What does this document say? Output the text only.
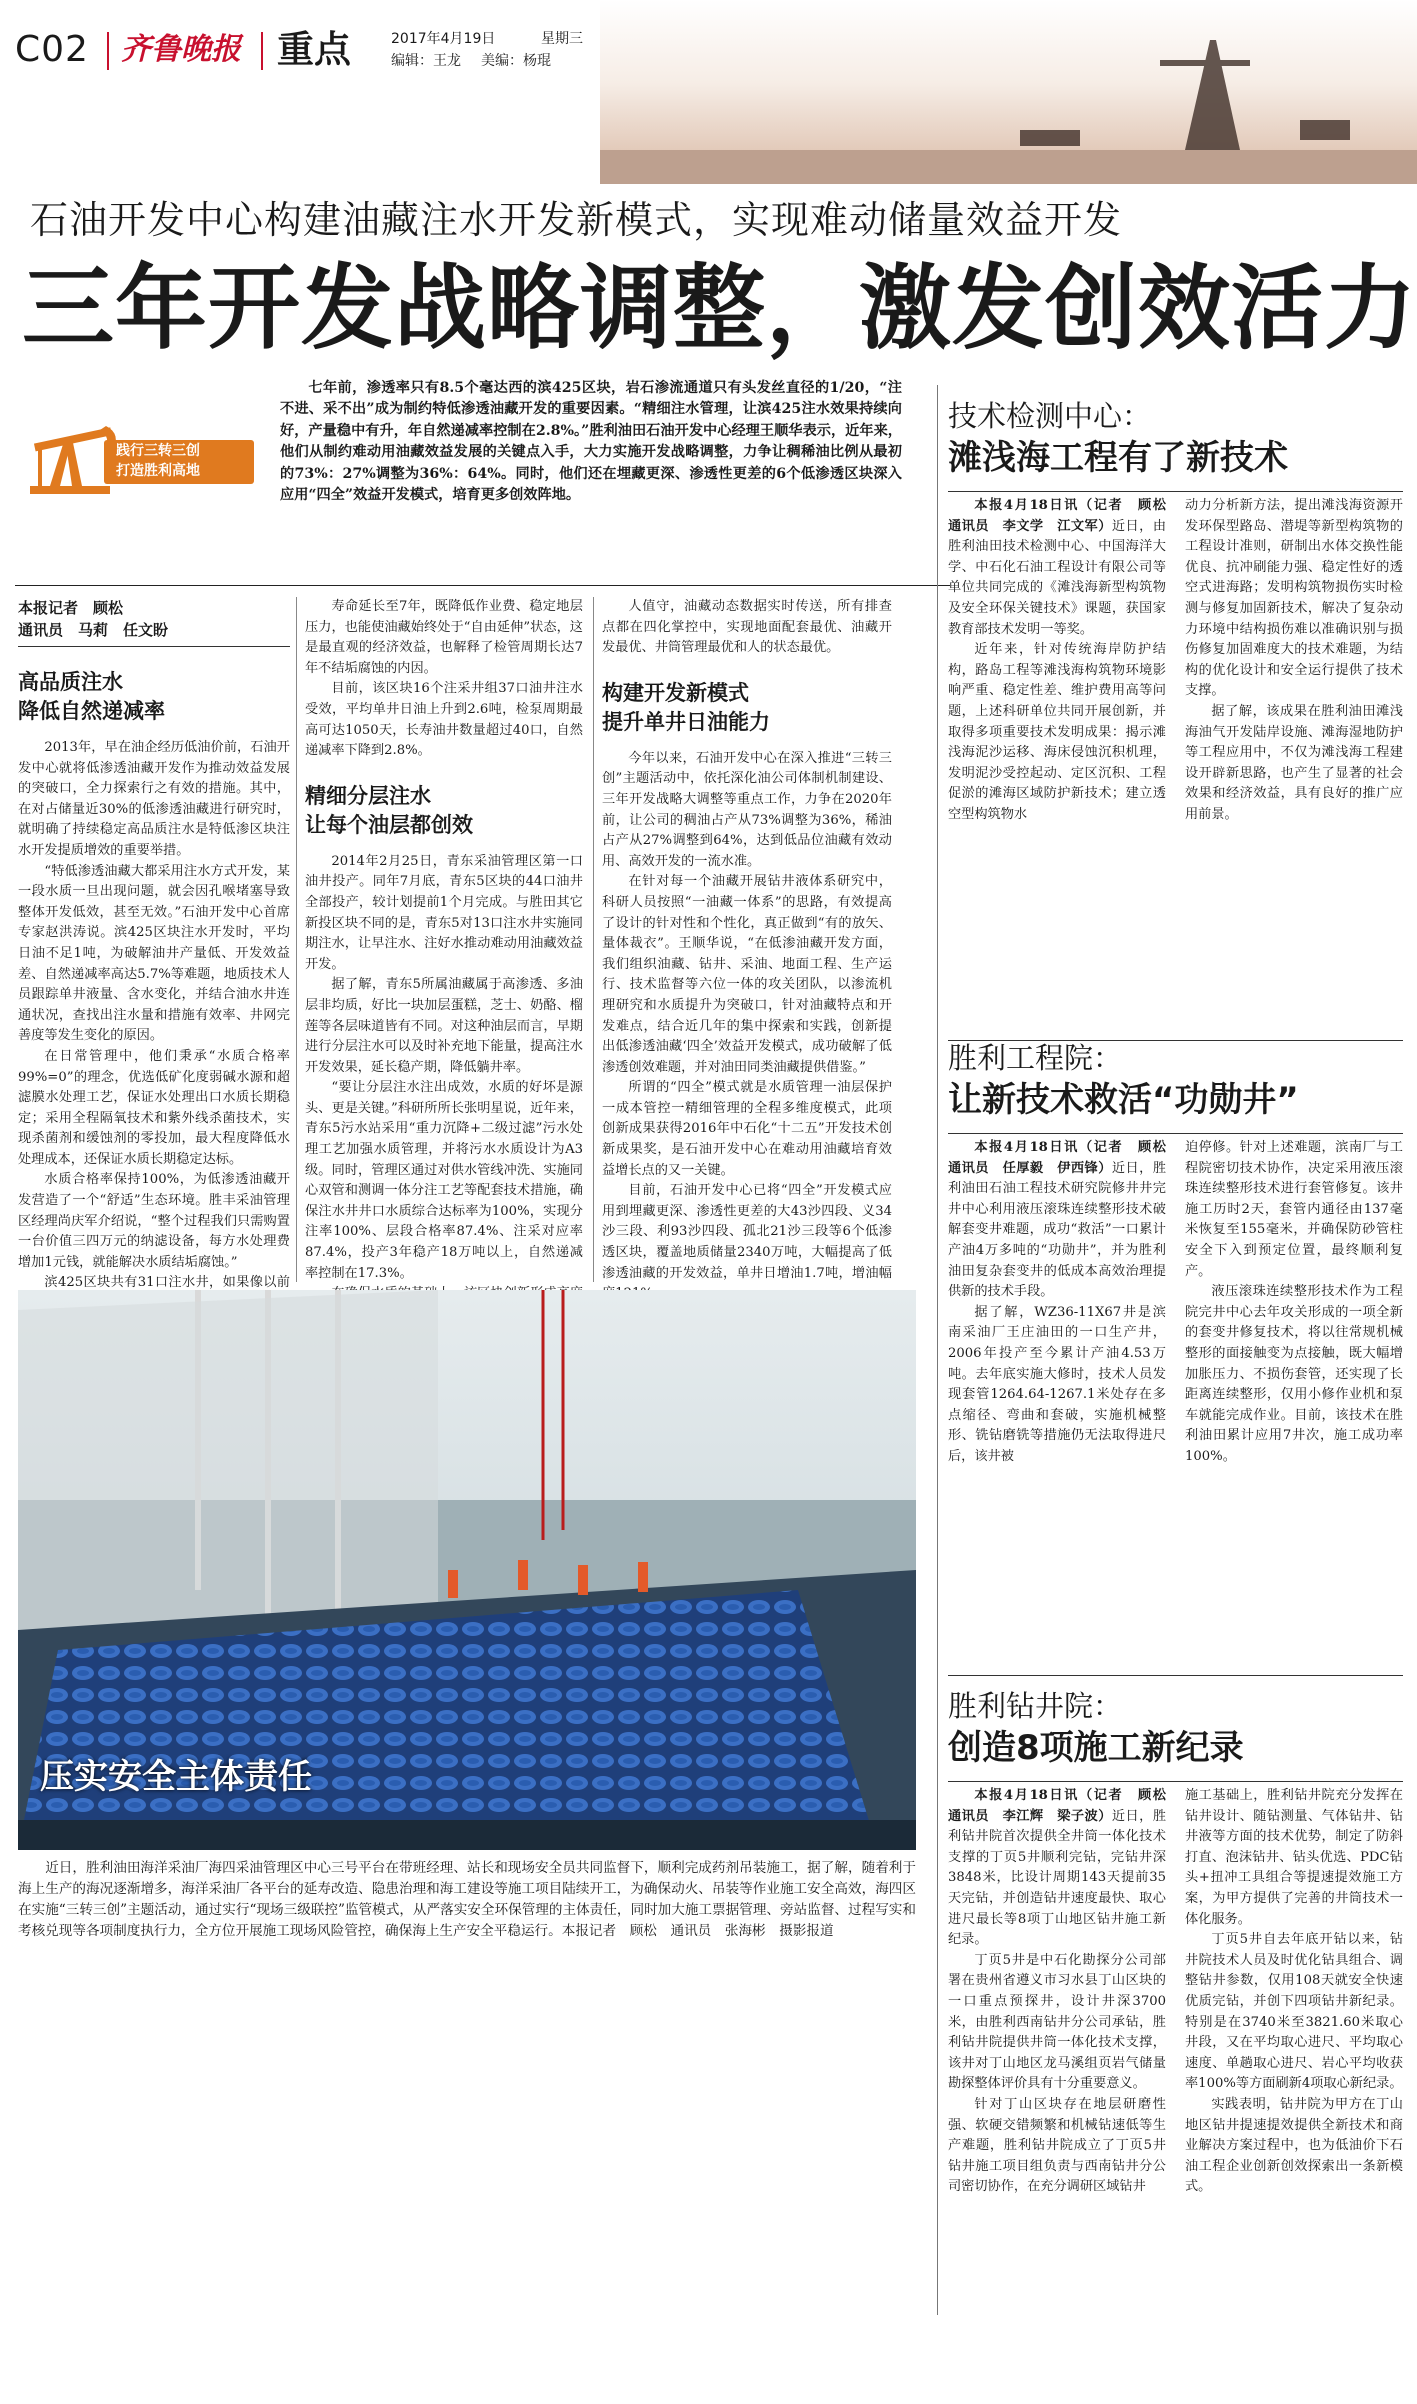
C02 齐鲁晚报 重点	2017年4月19日	星期三
编辑：王龙 美编：杨琨
石油开发中心构建油藏注水开发新模式，实现难动储量效益开发
三年开发战略调整，激发创效活力
践行三转三创
打造胜利高地

七年前，渗透率只有8.5个毫达西的滨425区块，岩石渗流通道只有头发丝直径的1/20，“注不进、采不出”成为制约特低渗透油藏开发的重要因素。“精细注水管理，让滨425注水效果持续向好，产量稳中有升，年自然递减率控制在2.8%。”胜利油田石油开发中心经理王顺华表示，近年来，他们从制约难动用油藏效益发展的关键点入手，大力实施开发战略调整，力争让稠稀油比例从最初的73%：27%调整为36%：64%。同时，他们还在埋藏更深、渗透性更差的6个低渗透区块深入应用“四全”效益开发模式，培育更多创效阵地。

本报记者　顾松
通讯员　马莉　任文盼
高品质注水
降低自然递减率

2013年，早在油企经历低油价前，石油开发中心就将低渗透油藏开发作为推动效益发展的突破口，全力探索行之有效的措施。其中，在对占储量近30%的低渗透油藏进行研究时，就明确了持续稳定高品质注水是特低渗区块注水开发提质增效的重要举措。

“特低渗透油藏大都采用注水方式开发，某一段水质一旦出现问题，就会因孔喉堵塞导致整体开发低效，甚至无效。”石油开发中心首席专家赵洪涛说。滨425区块注水开发时，平均日油不足1吨，为破解油井产量低、开发效益差、自然递减率高达5.7%等难题，地质技术人员跟踪单井液量、含水变化，并结合油水井连通状况，查找出注水量和措施有效率、井网完善度等发生变化的原因。

在日常管理中，他们秉承“水质合格率99%=0”的理念，优选低矿化度弱碱水源和超滤膜水处理工艺，保证水处理出口水质长期稳定；采用全程隔氧技术和紫外线杀菌技术，实现杀菌剂和缓蚀剂的零投加，最大程度降低水处理成本，还保证水质长期稳定达标。

水质合格率保持100%，为低渗透油藏开发营造了一个“舒适”生态环境。胜丰采油管理区经理尚庆军介绍说，“整个过程我们只需购置一台价值三四万元的纳滤设备，每方水处理费增加1元钱，就能解决水质结垢腐蚀。”

滨425区块共有31口注水井，如果像以前

寿命延长至7年，既降低作业费、稳定地层压力，也能使油藏始终处于“自由延伸”状态，这是最直观的经济效益，也解释了检管周期长达7年不结垢腐蚀的内因。

目前，该区块16个注采井组37口油井注水受效，平均单井日油上升到2.6吨，检泵周期最高可达1050天，长寿油井数量超过40口，自然递减率下降到2.8%。

精细分层注水
让每个油层都创效

2014年2月25日，青东采油管理区第一口油井投产。同年7月底，青东5区块的44口油井全部投产，较计划提前1个月完成。与胜田其它新投区块不同的是，青东5对13口注水井实施同期注水，让早注水、注好水推动难动用油藏效益开发。

据了解，青东5所属油藏属于高渗透、多油层非均质，好比一块加层蛋糕，芝士、奶酪、榴莲等各层味道皆有不同。对这种油层而言，早期进行分层注水可以及时补充地下能量，提高注水开发效果，延长稳产期，降低躺井率。

“要让分层注水注出成效，水质的好坏是源头、更是关键。”科研所所长张明星说，近年来，青东5污水站采用“重力沉降+二级过滤”污水处理工艺加强水质管理，并将污水水质设计为A3级。同时，管理区通过对供水管线冲洗、实施同心双管和测调一体分注工艺等配套技术措施，确保注水井井口水质综合达标率为100%，实现分注率100%、层段合格率87.4%、注采对应率87.4%，投产3年稳产18万吨以上，自然递减率控制在17.3%。

人值守，油藏动态数据实时传送，所有排查点都在四化掌控中，实现地面配套最优、油藏开发最优、井筒管理最优和人的状态最优。

构建开发新模式
提升单井日油能力

今年以来，石油开发中心在深入推进“三转三创”主题活动中，依托深化油公司体制机制建设、三年开发战略大调整等重点工作，力争在2020年前，让公司的稠油占产从73%调整为36%，稀油占产从27%调整到64%，达到低品位油藏有效动用、高效开发的一流水准。

在针对每一个油藏开展钻井液体系研究中，科研人员按照“一油藏一体系”的思路，有效提高了设计的针对性和个性化，真正做到“有的放矢、量体裁衣”。王顺华说，“在低渗油藏开发方面，我们组织油藏、钻井、采油、地面工程、生产运行、技术监督等六位一体的攻关团队，以渗流机理研究和水质提升为突破口，针对油藏特点和开发难点，结合近几年的集中探索和实践，创新提出低渗透油藏‘四全’效益开发模式，成功破解了低渗透创效难题，并对油田同类油藏提供借鉴。”

所谓的“四全”模式就是水质管理一油层保护一成本管控一精细管理的全程多维度模式，此项创新成果获得2016年中石化“十二五”开发技术创新成果奖，是石油开发中心在难动用油藏培育效益增长点的又一关键。

目前，石油开发中心已将“四全”开发模式应用到埋藏更深、渗透性更差的大43沙四段、义34沙三段、利93沙四段、孤北21沙三段等6个低渗透区块，覆盖地质储量2340万吨，大幅提高了低渗透油藏的开发效益，单井日增油1.7吨，增油幅

压实安全主体责任

近日，胜利油田海洋采油厂海四采油管理区中心三号平台在带班经理、站长和现场安全员共同监督下，顺利完成药剂吊装施工，据了解，随着利于海上生产的海况逐渐增多，海洋采油厂各平台的延寿改造、隐患治理和海工建设等施工项目陆续开工，为确保动火、吊装等作业施工安全高效，海四区在实施“三转三创”主题活动，通过实行“现场三级联控”监管模式，从严落实安全环保管理的主体责任，同时加大施工票据管理、旁站监督、过程写实和考核兑现等各项制度执行力，全方位开展施工现场风险管控，确保海上生产安全平稳运行。本报记者　顾松　通讯员　张海彬　摄影报道

技术检测中心：
滩浅海工程有了新技术

本报4月18日讯（记者　顾松　通讯员　李文学　江文军）近日，由胜利油田技术检测中心、中国海洋大学、中石化石油工程设计有限公司等单位共同完成的《滩浅海新型构筑物及安全环保关键技术》课题，获国家教育部技术发明一等奖。

近年来，针对传统海岸防护结构，路岛工程等滩浅海构筑物环境影响严重、稳定性差、维护费用高等问题，上述科研单位共同开展创新，并取得多项重要技术发明成果：揭示滩浅海泥沙运移、海床侵蚀沉积机理，发明泥沙受控起动、定区沉积、工程促淤的滩海区域防护新技术；建立透空型构筑物水

动力分析新方法，提出滩浅海资源开发环保型路岛、潜堤等新型构筑物的工程设计准则，研制出水体交换性能优良、抗冲刷能力强、稳定性好的透空式进海路；发明构筑物损伤实时检测与修复加固新技术，解决了复杂动力环境中结构损伤难以准确识别与损伤修复加固难度大的技术难题，为结构的优化设计和安全运行提供了技术支撑。

据了解，该成果在胜利油田滩浅海油气开发陆岸设施、滩海湿地防护等工程应用中，不仅为滩浅海工程建设开辟新思路，也产生了显著的社会效果和经济效益，具有良好的推广应用前景。

胜利工程院：
让新技术救活“功勋井”

本报4月18日讯（记者　顾松　通讯员　任厚毅　伊西锋）近日，胜利油田石油工程技术研究院修井井完井中心利用液压滚珠连续整形技术破解套变井难题，成功“救活”一口累计产油4万多吨的“功勋井”，并为胜利油田复杂套变井的低成本高效治理提供新的技术手段。

据了解，WZ36-11X67井是滨南采油厂王庄油田的一口生产井，2006年投产至今累计产油4.53万吨。去年底实施大修时，技术人员发现套管1264.64-1267.1米处存在多点缩径、弯曲和套破，实施机械整形、铣钻磨铣等措施仍无法取得进尺后，该井被

迫停修。针对上述难题，滨南厂与工程院密切技术协作，决定采用液压滚珠连续整形技术进行套管修复。该井施工历时2天，套管内通径由137毫米恢复至155毫米，并确保防砂管柱安全下入到预定位置，最终顺利复产。

液压滚珠连续整形技术作为工程院完井中心去年攻关形成的一项全新的套变井修复技术，将以往常规机械整形的面接触变为点接触，既大幅增加胀压力、不损伤套管，还实现了长距离连续整形，仅用小修作业机和泵车就能完成作业。目前，该技术在胜利油田累计应用7井次，施工成功率100%。

胜利钻井院：
创造8项施工新纪录

本报4月18日讯（记者　顾松　通讯员　李江辉　梁子波）近日，胜利钻井院首次提供全井筒一体化技术支撑的丁页5井顺利完钻，完钻井深3848米，比设计周期143天提前35天完钻，并创造钻井速度最快、取心进尺最长等8项丁山地区钻井施工新纪录。

丁页5井是中石化勘探分公司部署在贵州省遵义市习水县丁山区块的一口重点预探井，设计井深3700米，由胜利西南钻井分公司承钻，胜利钻井院提供井筒一体化技术支撑，该井对丁山地区龙马溪组页岩气储量勘探整体评价具有十分重要意义。

针对丁山区块存在地层研磨性强、软硬交错频繁和机械钻速低等生产难题，胜利钻井院成立了丁页5井钻井施工项目组负责与西南钻井分公司密切协作，在充分调研区域钻井

施工基础上，胜利钻井院充分发挥在钻井设计、随钻测量、气体钻井、钻井液等方面的技术优势，制定了防斜打直、泡沫钻井、钻头优选、PDC钻头+扭冲工具组合等提速提效施工方案，为甲方提供了完善的井筒技术一体化服务。

丁页5井自去年底开钻以来，钻井院技术人员及时优化钻具组合、调整钻井参数，仅用108天就安全快速优质完钻，并创下四项钻井新纪录。特别是在3740米至3821.60米取心井段，又在平均取心进尺、平均取心速度、单趟取心进尺、岩心平均收获率100%等方面刷新4项取心新纪录。

实践表明，钻井院为甲方在丁山地区钻井提速提效提供全新技术和商业解决方案过程中，也为低油价下石油工程企业创新创效探索出一条新模式。
